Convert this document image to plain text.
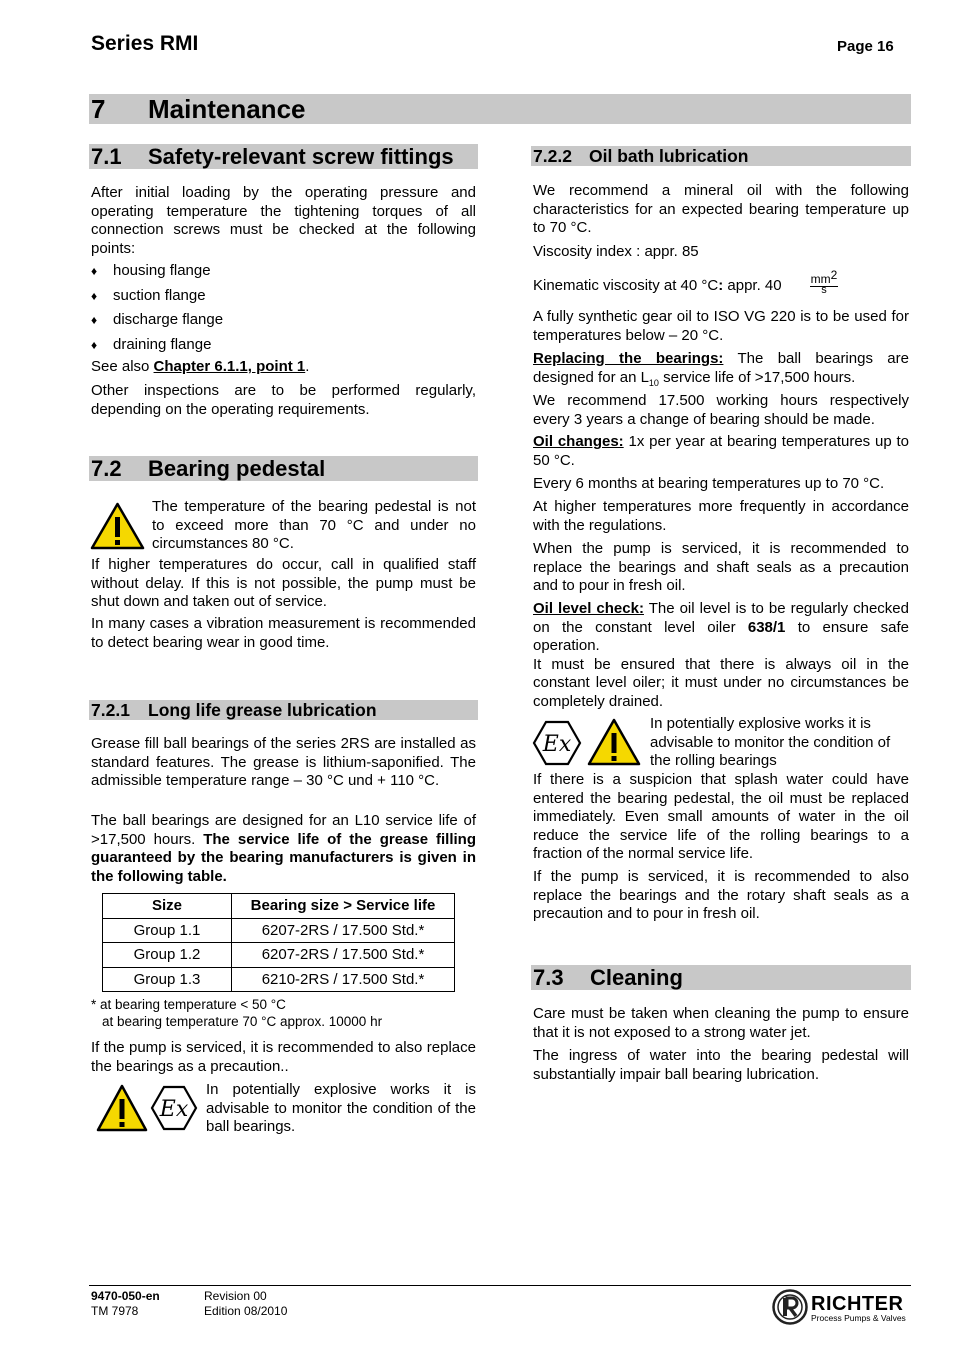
Series RMI	Page 16
7 Maintenance
7.1 Safety-relevant screw fittings
After initial loading by the operating pressure and operating temperature the tightening torques of all connection screws must be checked at the following points:
♦ housing flange
♦ suction flange
♦ discharge flange
♦ draining flange
See also Chapter 6.1.1, point 1.
Other inspections are to be performed regularly, depending on the operating requirements.
7.2 Bearing pedestal
The temperature of the bearing pedestal is not to exceed more than 70 °C and under no circumstances 80 °C.
If higher temperatures do occur, call in qualified staff without delay. If this is not possible, the pump must be shut down and taken out of service.
In many cases a vibration measurement is recommended to detect bearing wear in good time.
7.2.1 Long life grease lubrication
Grease fill ball bearings of the series 2RS are installed as standard features. The grease is lithium-saponified. The admissible temperature range – 30 °C und + 110 °C.
The ball bearings are designed for an L10 service life of >17,500 hours. The service life of the grease filling guaranteed by the bearing manufacturers is given in the following table.
Size	Bearing size > Service life
Group 1.1	6207-2RS / 17.500 Std.*
Group 1.2	6207-2RS / 17.500 Std.*
Group 1.3	6210-2RS / 17.500 Std.*
* at bearing temperature < 50 °C
at bearing temperature 70 °C approx. 10000 hr
If the pump is serviced, it is recommended to also replace the bearings as a precaution..
Ex
In potentially explosive works it is advisable to monitor the condition of the ball bearings.
7.2.2 Oil bath lubrication
We recommend a mineral oil with the following characteristics for an expected bearing temperature up to 70 °C.
Viscosity index : appr. 85
Kinematic viscosity at 40 °C: appr. 40	$mm^2$
s
A fully synthetic gear oil to ISO VG 220 is to be used for temperatures below – 20 °C.
Replacing the bearings: The ball bearings are designed for an $L_{10}$ service life of >17,500 hours.
We recommend 17.500 working hours respectively every 3 years a change of bearing should be made.
Oil changes: 1x per year at bearing temperatures up to 50 °C.
Every 6 months at bearing temperatures up to 70 °C.
At higher temperatures more frequently in accordance with the regulations.
When the pump is serviced, it is recommended to replace the bearings and shaft seals as a precaution and to pour in fresh oil.
Oil level check: The oil level is to be regularly checked on the constant level oiler 638/1 to ensure safe operation.
It must be ensured that there is always oil in the constant level oiler; it must under no circumstances be completely drained.
Ex
In potentially explosive works it is advisable to monitor the condition of the rolling bearings
If there is a suspicion that splash water could have entered the bearing pedestal, the oil must be replaced immediately. Even small amounts of water in the oil reduce the service life of the rolling bearings to a fraction of the normal service life.
If the pump is serviced, it is recommended to also replace the bearings and the rotary shaft seals as a precaution and to pour in fresh oil.
7.3 Cleaning
Care must be taken when cleaning the pump to ensure that it is not exposed to a strong water jet.
The ingress of water into the bearing pedestal will substantially impair ball bearing lubrication.
9470-050-en
TM 7978
Revision 00
Edition 08/2010	RICHTER
Process Pumps & Valves
